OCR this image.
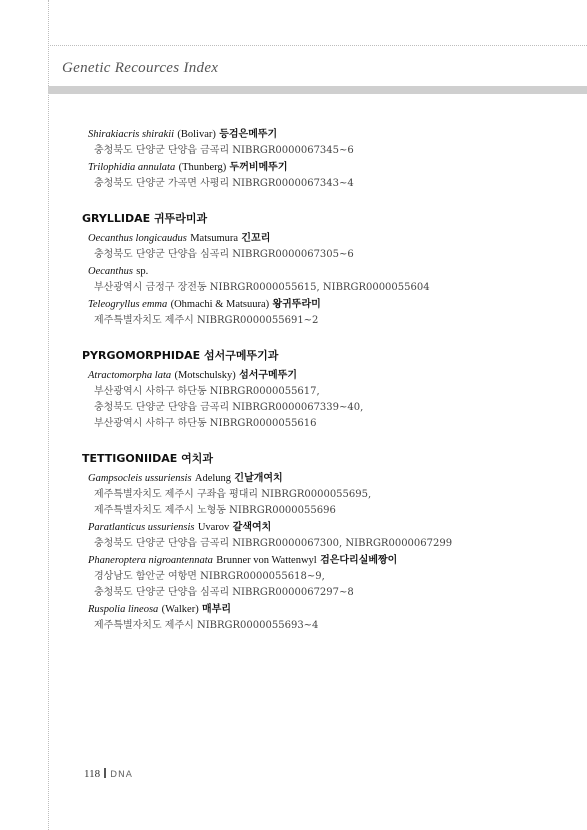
Genetic Recources Index
Shirakiacris shirakii (Bolivar) 등검은메뚜기
충청북도 단양군 단양읍 금곡리 NIBRGR0000067345~6
Trilophidia annulata (Thunberg) 두꺼비메뚜기
충청북도 단양군 가곡면 사평리 NIBRGR0000067343~4
GRYLLIDAE 귀뚜라미과
Oecanthus longicaudus Matsumura 긴꼬리
충청북도 단양군 단양읍 심곡리 NIBRGR0000067305~6
Oecanthus sp.
부산광역시 금정구 장전동 NIBRGR0000055615, NIBRGR0000055604
Teleogryllus emma (Ohmachi & Matsuura) 왕귀뚜라미
제주특별자치도 제주시 NIBRGR0000055691~2
PYRGOMORPHIDAE 섬서구메뚜기과
Atractomorpha lata (Motschulsky) 섬서구메뚜기
부산광역시 사하구 하단동 NIBRGR0000055617,
충청북도 단양군 단양읍 금곡리 NIBRGR0000067339~40,
부산광역시 사하구 하단동 NIBRGR0000055616
TETTIGONIIDAE 여치과
Gampsocleis ussuriensis Adelung 긴날개여치
제주특별자치도 제주시 구좌읍 평대리 NIBRGR0000055695,
제주특별자치도 제주시 노형동 NIBRGR0000055696
Paratlanticus ussuriensis Uvarov 갈색여치
충청북도 단양군 단양읍 금곡리 NIBRGR0000067300, NIBRGR0000067299
Phaneroptera nigroantennata Brunner von Wattenwyl 검은다리실베짱이
경상남도 함안군 여항면 NIBRGR0000055618~9,
충청북도 단양군 단양읍 심곡리 NIBRGR0000067297~8
Ruspolia lineosa (Walker) 매부리
제주특별자치도 제주시 NIBRGR0000055693~4
118 DNA
